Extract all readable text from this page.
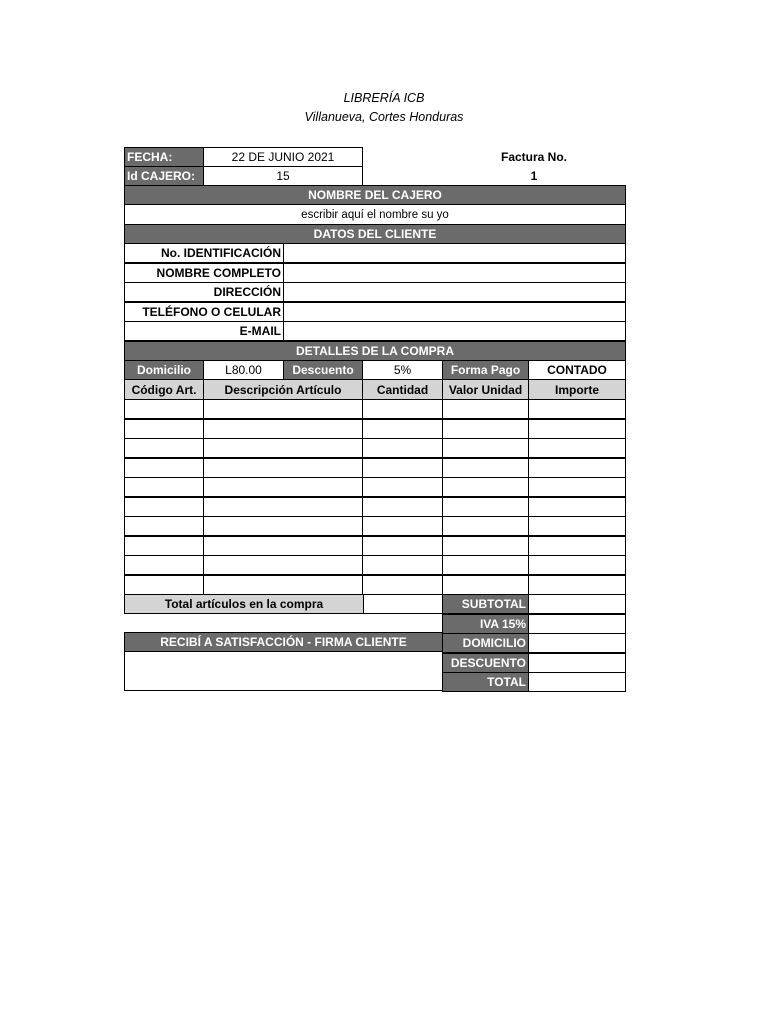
LIBRERÍA ICB
Villanueva, Cortes Honduras
FECHA:	22 DE JUNIO 2021
Id CAJERO:	15
Factura No.
1
NOMBRE DEL CAJERO
escribir aquí el nombre su yo
DATOS DEL CLIENTE
No. IDENTIFICACIÓN
NOMBRE COMPLETO
DIRECCIÓN
TELÉFONO O CELULAR
E-MAIL
DETALLES DE LA COMPRA
Domicilio	L80.00	Descuento	5%	Forma Pago	CONTADO
Código Art.	Descripción Artículo	Cantidad	Valor Unidad	Importe
Total artículos en la compra	SUBTOTAL
IVA 15%
DOMICILIO
DESCUENTO
TOTAL
RECIBÍ A SATISFACCIÓN - FIRMA CLIENTE
